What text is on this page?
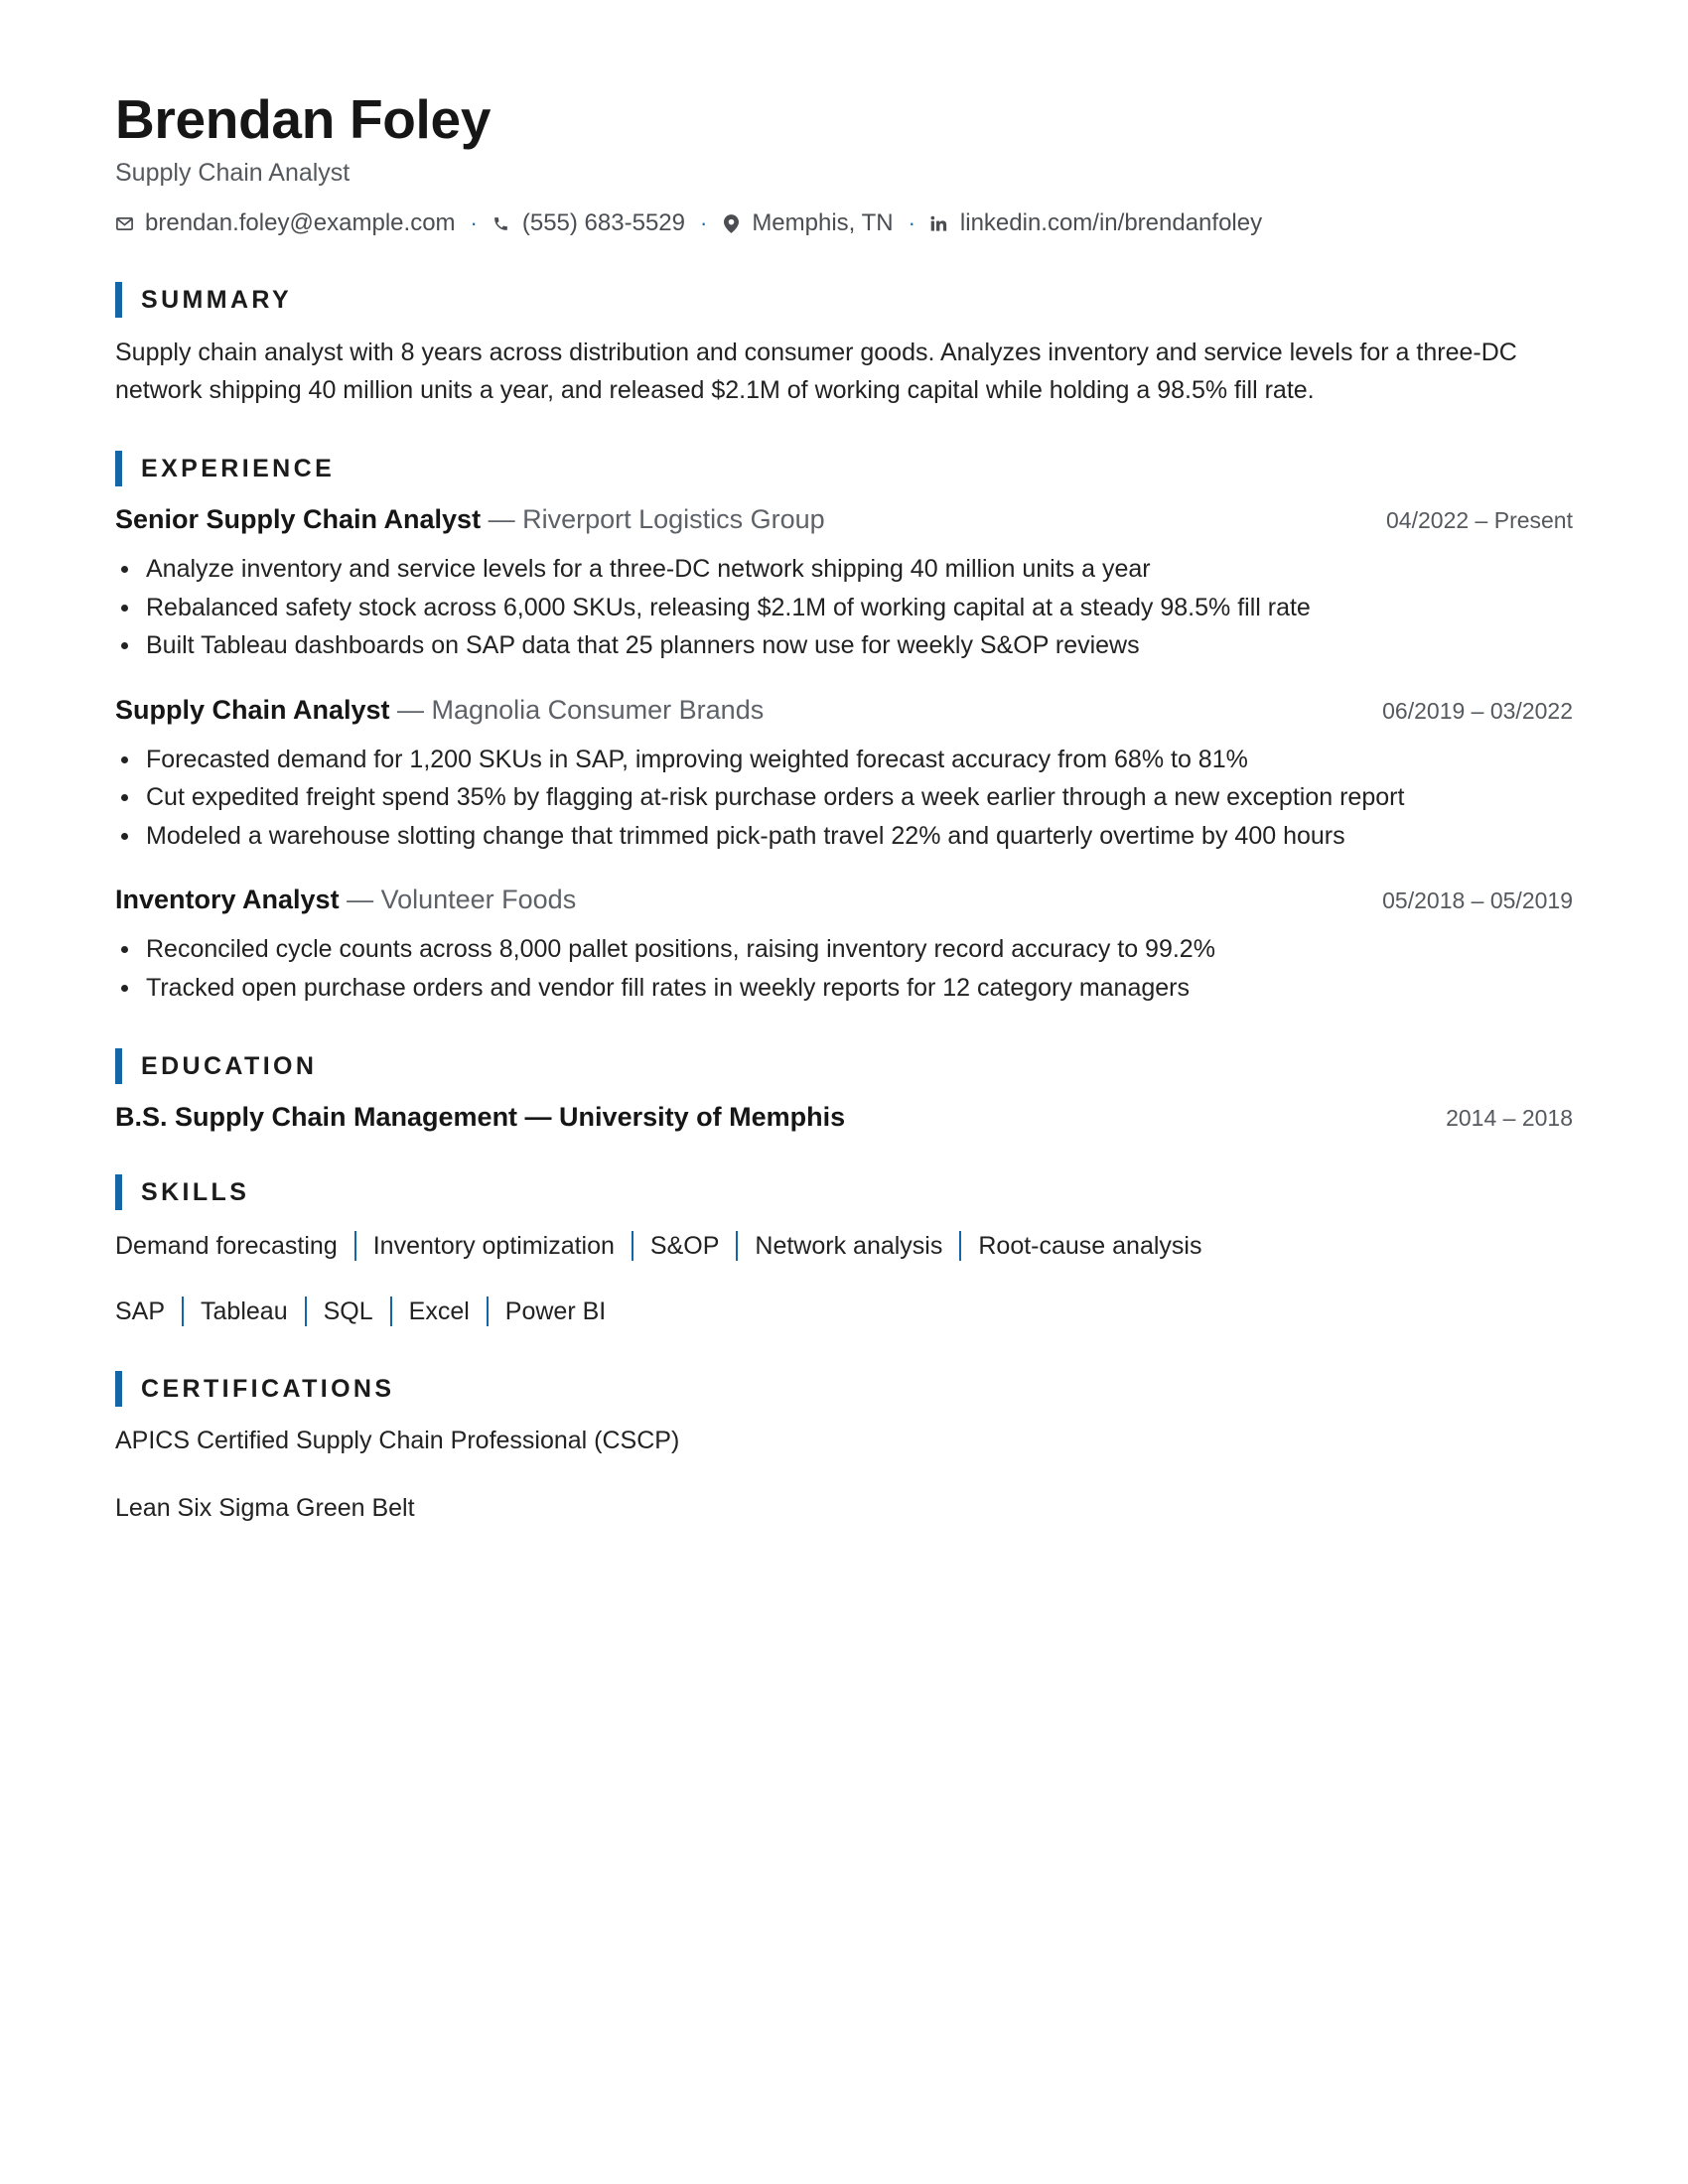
Brendan Foley
Supply Chain Analyst
brendan.foley@example.com · (555) 683-5529 · Memphis, TN · linkedin.com/in/brendanfoley
SUMMARY
Supply chain analyst with 8 years across distribution and consumer goods. Analyzes inventory and service levels for a three-DC network shipping 40 million units a year, and released $2.1M of working capital while holding a 98.5% fill rate.
EXPERIENCE
Senior Supply Chain Analyst — Riverport Logistics Group	04/2022 – Present
Analyze inventory and service levels for a three-DC network shipping 40 million units a year
Rebalanced safety stock across 6,000 SKUs, releasing $2.1M of working capital at a steady 98.5% fill rate
Built Tableau dashboards on SAP data that 25 planners now use for weekly S&OP reviews
Supply Chain Analyst — Magnolia Consumer Brands	06/2019 – 03/2022
Forecasted demand for 1,200 SKUs in SAP, improving weighted forecast accuracy from 68% to 81%
Cut expedited freight spend 35% by flagging at-risk purchase orders a week earlier through a new exception report
Modeled a warehouse slotting change that trimmed pick-path travel 22% and quarterly overtime by 400 hours
Inventory Analyst — Volunteer Foods	05/2018 – 05/2019
Reconciled cycle counts across 8,000 pallet positions, raising inventory record accuracy to 99.2%
Tracked open purchase orders and vendor fill rates in weekly reports for 12 category managers
EDUCATION
B.S. Supply Chain Management — University of Memphis	2014 – 2018
SKILLS
Demand forecasting Inventory optimization S&OP Network analysis Root-cause analysis
SAP Tableau SQL Excel Power BI
CERTIFICATIONS
APICS Certified Supply Chain Professional (CSCP)
Lean Six Sigma Green Belt
